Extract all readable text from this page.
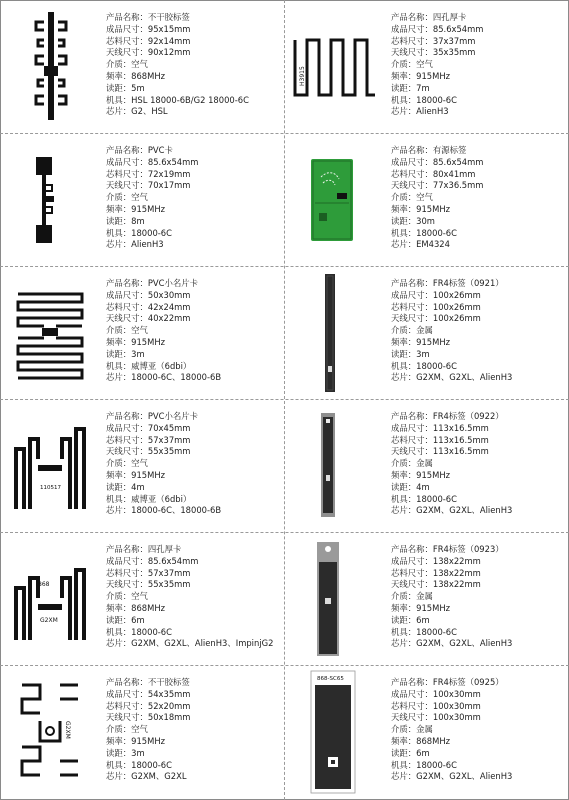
产品名称：不干胶标签
成品尺寸：95x15mm
芯料尺寸：92x14mm
天线尺寸：90x12mm
介质：空气
频率：868MHz
读距：5m
机具：HSL 18000-6B/G2 18000-6C
芯片：G2、HSL
H3915
产品名称：四孔厚卡
成品尺寸：85.6x54mm
芯料尺寸：37x37mm
天线尺寸：35x35mm
介质：空气
频率：915MHz
读距：7m
机具：18000-6C
芯片：AlienH3
产品名称：PVC卡
成品尺寸：85.6x54mm
芯料尺寸：72x19mm
天线尺寸：70x17mm
介质：空气
频率：915MHz
读距：8m
机具：18000-6C
芯片：AlienH3
产品名称：有源标签
成品尺寸：85.6x54mm
芯料尺寸：80x41mm
天线尺寸：77x36.5mm
介质：空气
频率：915MHz
读距：30m
机具：18000-6C
芯片：EM4324
产品名称：PVC小名片卡
成品尺寸：50x30mm
芯料尺寸：42x24mm
天线尺寸：40x22mm
介质：空气
频率：915MHz
读距：3m
机具：威博亚（6dbi）
芯片：18000-6C、18000-6B
产品名称：FR4标签（0921）
成品尺寸：100x26mm
芯料尺寸：100x26mm
天线尺寸：100x26mm
介质：金属
频率：915MHz
读距：3m
机具：18000-6C
芯片：G2XM、G2XL、AlienH3
110517
产品名称：PVC小名片卡
成品尺寸：70x45mm
芯料尺寸：57x37mm
天线尺寸：55x35mm
介质：空气
频率：915MHz
读距：4m
机具：威博亚（6dbi）
芯片：18000-6C、18000-6B
产品名称：FR4标签（0922）
成品尺寸：113x16.5mm
芯料尺寸：113x16.5mm
天线尺寸：113x16.5mm
介质：金属
频率：915MHz
读距：4m
机具：18000-6C
芯片：G2XM、G2XL、AlienH3
868
G2XM
产品名称：四孔厚卡
成品尺寸：85.6x54mm
芯料尺寸：57x37mm
天线尺寸：55x35mm
介质：空气
频率：868MHz
读距：6m
机具：18000-6C
芯片：G2XM、G2XL、AlienH3、ImpinjG2
产品名称：FR4标签（0923）
成品尺寸：138x22mm
芯料尺寸：138x22mm
天线尺寸：138x22mm
介质：金属
频率：915MHz
读距：6m
机具：18000-6C
芯片：G2XM、G2XL、AlienH3
G2XM
产品名称：不干胶标签
成品尺寸：54x35mm
芯料尺寸：52x20mm
天线尺寸：50x18mm
介质：空气
频率：915MHz
读距：3m
机具：18000-6C
芯片：G2XM、G2XL
868-SC65	产品名称：FR4标签（0925）
成品尺寸：100x30mm
芯料尺寸：100x30mm
天线尺寸：100x30mm
介质：金属
频率：868MHz
读距：6m
机具：18000-6C
芯片：G2XM、G2XL、AlienH3
